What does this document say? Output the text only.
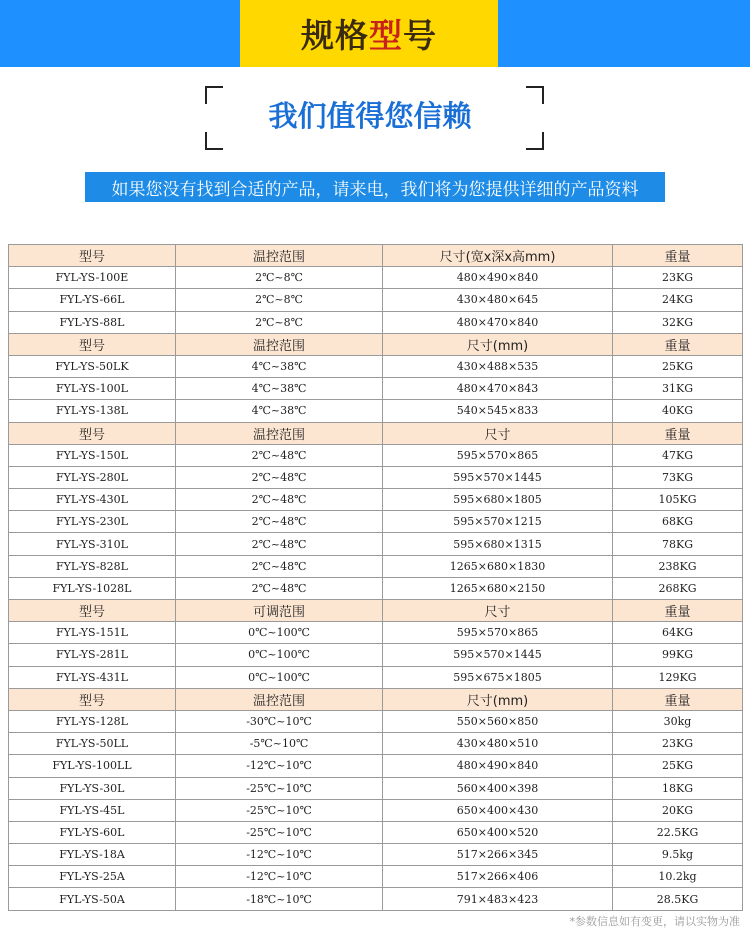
规格型号
我们值得您信赖
如果您没有找到合适的产品，请来电，我们将为您提供详细的产品资料
型号	温控范围	尺寸(宽x深x高mm)	重量
FYL-YS-100E	2℃~8℃	480×490×840	23KG
FYL-YS-66L	2℃~8℃	430×480×645	24KG
FYL-YS-88L	2℃~8℃	480×470×840	32KG
型号	温控范围	尺寸(mm)	重量
FYL-YS-50LK	4℃~38℃	430×488×535	25KG
FYL-YS-100L	4℃~38℃	480×470×843	31KG
FYL-YS-138L	4℃~38℃	540×545×833	40KG
型号	温控范围	尺寸	重量
FYL-YS-150L	2℃~48℃	595×570×865	47KG
FYL-YS-280L	2℃~48℃	595×570×1445	73KG
FYL-YS-430L	2℃~48℃	595×680×1805	105KG
FYL-YS-230L	2℃~48℃	595×570×1215	68KG
FYL-YS-310L	2℃~48℃	595×680×1315	78KG
FYL-YS-828L	2℃~48℃	1265×680×1830	238KG
FYL-YS-1028L	2℃~48℃	1265×680×2150	268KG
型号	可调范围	尺寸	重量
FYL-YS-151L	0℃~100℃	595×570×865	64KG
FYL-YS-281L	0℃~100℃	595×570×1445	99KG
FYL-YS-431L	0℃~100℃	595×675×1805	129KG
型号	温控范围	尺寸(mm)	重量
FYL-YS-128L	-30℃~10℃	550×560×850	30kg
FYL-YS-50LL	-5℃~10℃	430×480×510	23KG
FYL-YS-100LL	-12℃~10℃	480×490×840	25KG
FYL-YS-30L	-25℃~10℃	560×400×398	18KG
FYL-YS-45L	-25℃~10℃	650×400×430	20KG
FYL-YS-60L	-25℃~10℃	650×400×520	22.5KG
FYL-YS-18A	-12℃~10℃	517×266×345	9.5kg
FYL-YS-25A	-12℃~10℃	517×266×406	10.2kg
FYL-YS-50A	-18℃~10℃	791×483×423	28.5KG
*参数信息如有变更，请以实物为准
